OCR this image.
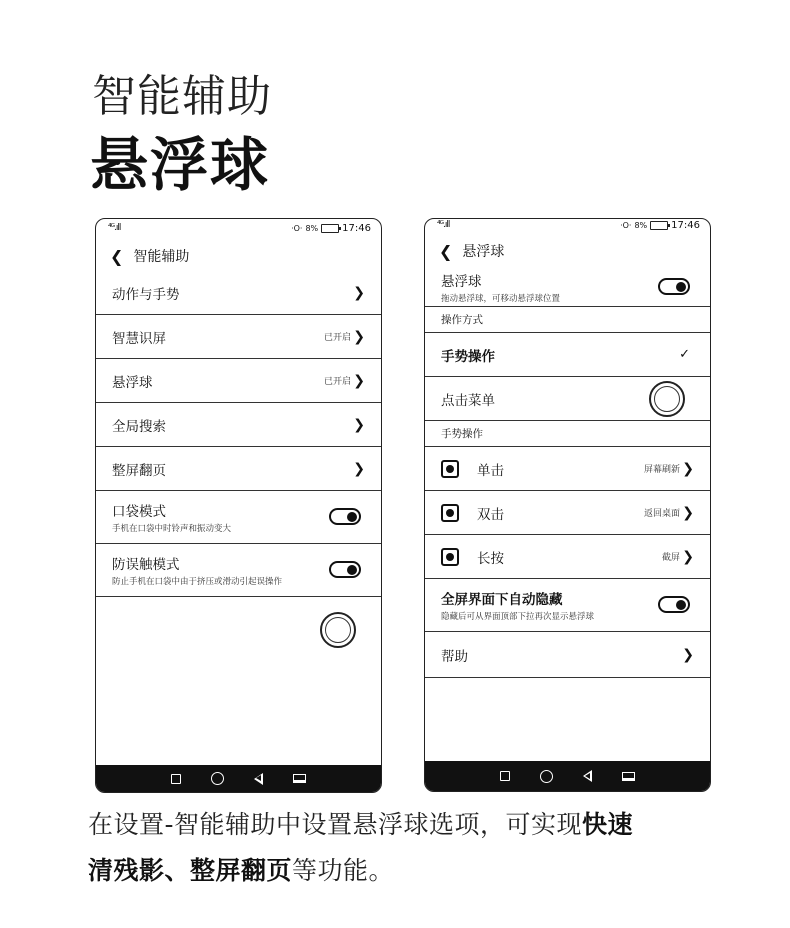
智能辅助
悬浮球
⁴ᴳ.ıll	·O· 8% 17:46
❮ 智能辅助
动作与手势	❯
智慧识屏	已开启 ❯
悬浮球	已开启 ❯
全局搜索	❯
整屏翻页	❯
口袋模式
手机在口袋中时铃声和振动变大
防误触模式
防止手机在口袋中由于挤压或滑动引起误操作
⁴ᴳ.ıll	·O· 8% 17:46
❮ 悬浮球
悬浮球
拖动悬浮球，可移动悬浮球位置
操作方式
手势操作	✓
点击菜单
手势操作
单击	屏幕刷新 ❯
双击	返回桌面 ❯
长按	截屏 ❯
全屏界面下自动隐藏
隐藏后可从界面顶部下拉再次显示悬浮球
帮助	❯
在设置-智能辅助中设置悬浮球选项，可实现快速
清残影、整屏翻页等功能。
